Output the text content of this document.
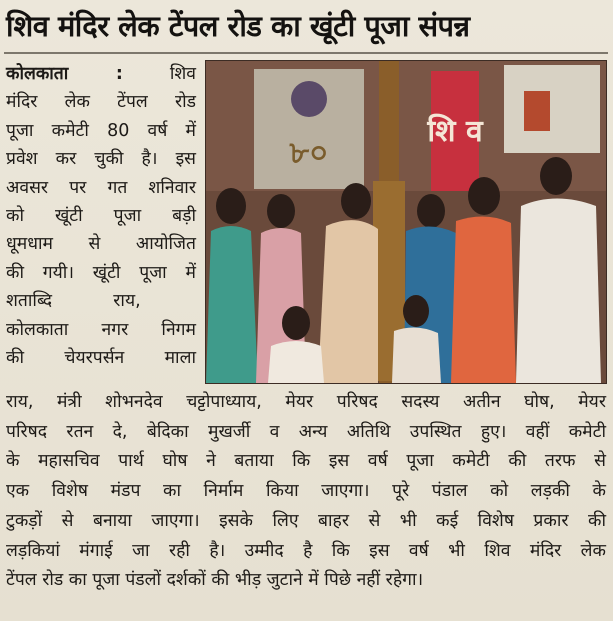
शिव मंदिर लेक टेंपल रोड का खूंटी पूजा संपन्न
कोलकाता :	शिव
मंदिर लेक टेंपल रोड
पूजा कमेटी 80 वर्ष में
प्रवेश कर चुकी है। इस
अवसर पर गत शनिवार
को खूंटी पूजा बड़ी
धूमधाम से आयोजित
की गयी। खूंटी पूजा में
शताब्दि           राय,
कोलकाता नगर निगम
की चेयरपर्सन माला
৮০
शि व
राय, मंत्री शोभनदेव चट्टोपाध्याय, मेयर परिषद सदस्य अतीन घोष, मेयर
परिषद रतन दे, बेदिका मुखर्जी व अन्य अतिथि उपस्थित हुए। वहीं कमेटी
के महासचिव पार्थ घोष ने बताया कि इस वर्ष पूजा कमेटी की तरफ से
एक विशेष मंडप का निर्माम किया जाएगा। पूरे पंडाल को लड़की के
टुकड़ों से बनाया जाएगा। इसके लिए बाहर से भी कई विशेष प्रकार की
लड़कियां मंगाई जा रही है। उम्मीद है कि इस वर्ष भी शिव मंदिर लेक
टेंपल रोड का पूजा पंडलों दर्शकों की भीड़ जुटाने में पिछे नहीं रहेगा।
